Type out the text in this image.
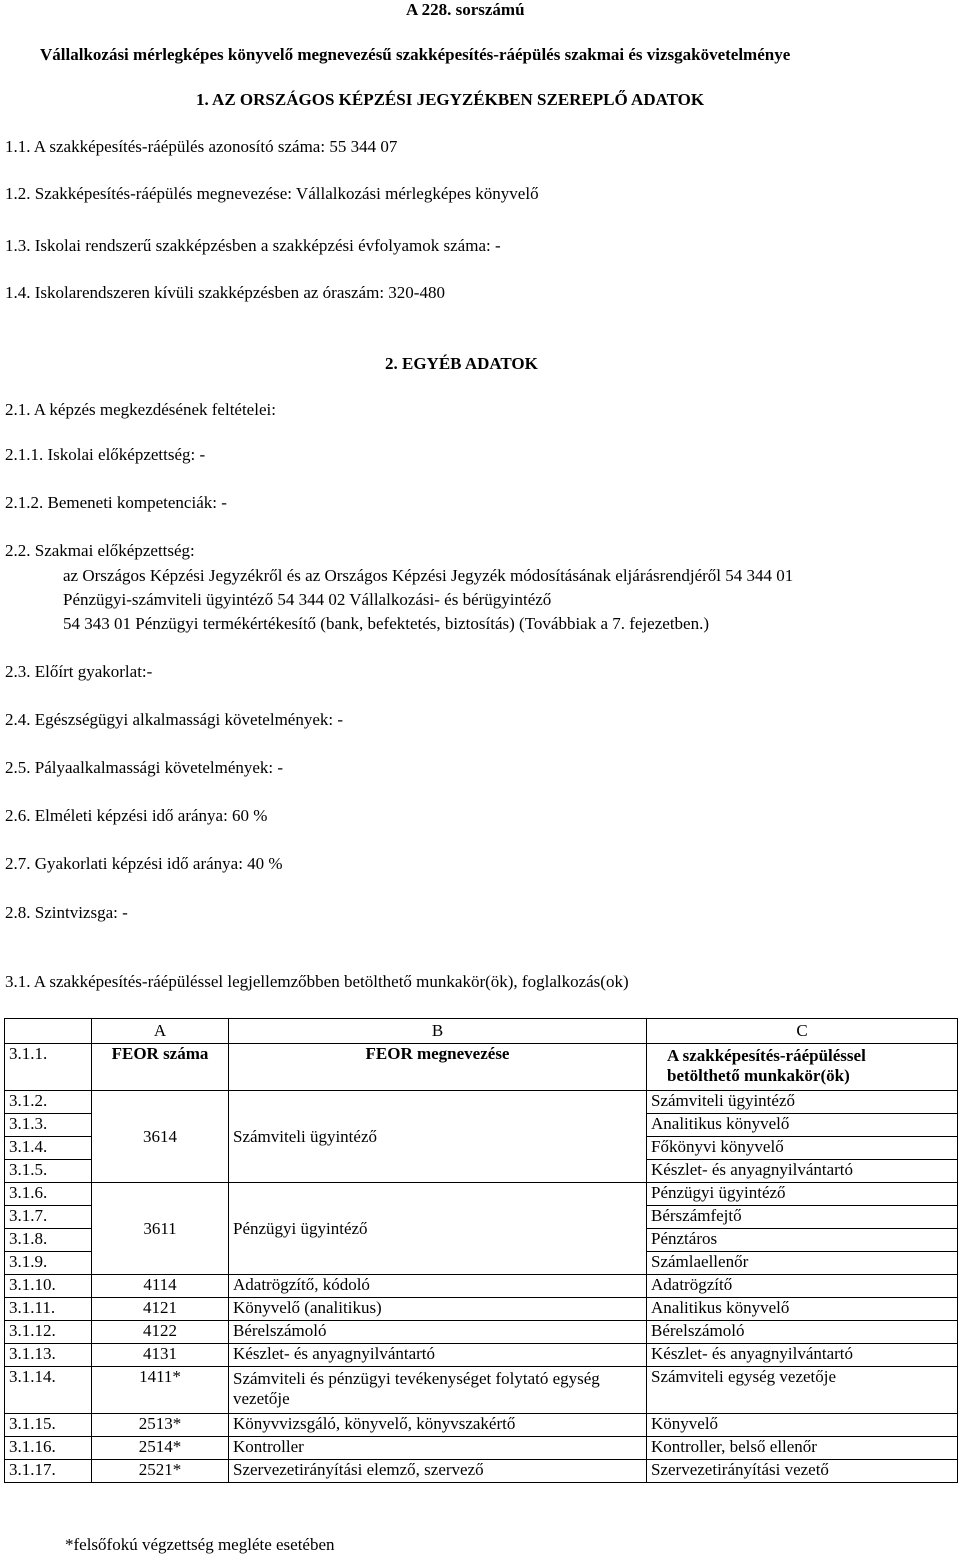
A 228. sorszámú
Vállalkozási mérlegképes könyvelő megnevezésű szakképesítés-ráépülés szakmai és vizsgakövetelménye
1. AZ ORSZÁGOS KÉPZÉSI JEGYZÉKBEN SZEREPLŐ ADATOK
1.1. A szakképesítés-ráépülés azonosító száma: 55 344 07
1.2. Szakképesítés-ráépülés megnevezése: Vállalkozási mérlegképes könyvelő
1.3. Iskolai rendszerű szakképzésben a szakképzési évfolyamok száma: -
1.4. Iskolarendszeren kívüli szakképzésben az óraszám: 320-480
2. EGYÉB ADATOK
2.1. A képzés megkezdésének feltételei:
2.1.1. Iskolai előképzettség: -
2.1.2. Bemeneti kompetenciák: -
2.2. Szakmai előképzettség:
az Országos Képzési Jegyzékről és az Országos Képzési Jegyzék módosításának eljárásrendjéről 54 344 01
Pénzügyi-számviteli ügyintéző 54 344 02 Vállalkozási- és bérügyintéző
54 343 01 Pénzügyi termékértékesítő (bank, befektetés, biztosítás) (Továbbiak a 7. fejezetben.)
2.3. Előírt gyakorlat:-
2.4. Egészségügyi alkalmassági követelmények: -
2.5. Pályaalkalmassági követelmények: -
2.6. Elméleti képzési idő aránya: 60 %
2.7. Gyakorlati képzési idő aránya: 40 %
2.8. Szintvizsga: -
3.1. A szakképesítés-ráépüléssel legjellemzőbben betölthető munkakör(ök), foglalkozás(ok)
	A	B	C
3.1.1.	FEOR száma	FEOR megnevezése	A szakképesítés-ráépüléssel
betölthető munkakör(ök)

3.1.2.	3614	Számviteli ügyintéző	Számviteli ügyintéző
3.1.3.			Analitikus könyvelő
3.1.4.			Főkönyvi könyvelő
3.1.5.			Készlet- és anyagnyilvántartó
3.1.6.	3611	Pénzügyi ügyintéző	Pénzügyi ügyintéző
3.1.7.			Bérszámfejtő
3.1.8.			Pénztáros
3.1.9.			Számlaellenőr
3.1.10.	4114	Adatrögzítő, kódoló	Adatrögzítő
3.1.11.	4121	Könyvelő (analitikus)	Analitikus könyvelő
3.1.12.	4122	Bérelszámoló	Bérelszámoló
3.1.13.	4131	Készlet- és anyagnyilvántartó	Készlet- és anyagnyilvántartó
3.1.14.	1411*	Számviteli és pénzügyi tevékenységet folytató egység vezetője	Számviteli egység vezetője
3.1.15.	2513*	Könyvvizsgáló, könyvelő, könyvszakértő	Könyvelő
3.1.16.	2514*	Kontroller	Kontroller, belső ellenőr
3.1.17.	2521*	Szervezetirányítási elemző, szervező	Szervezetirányítási vezető
*felsőfokú végzettség megléte esetében
